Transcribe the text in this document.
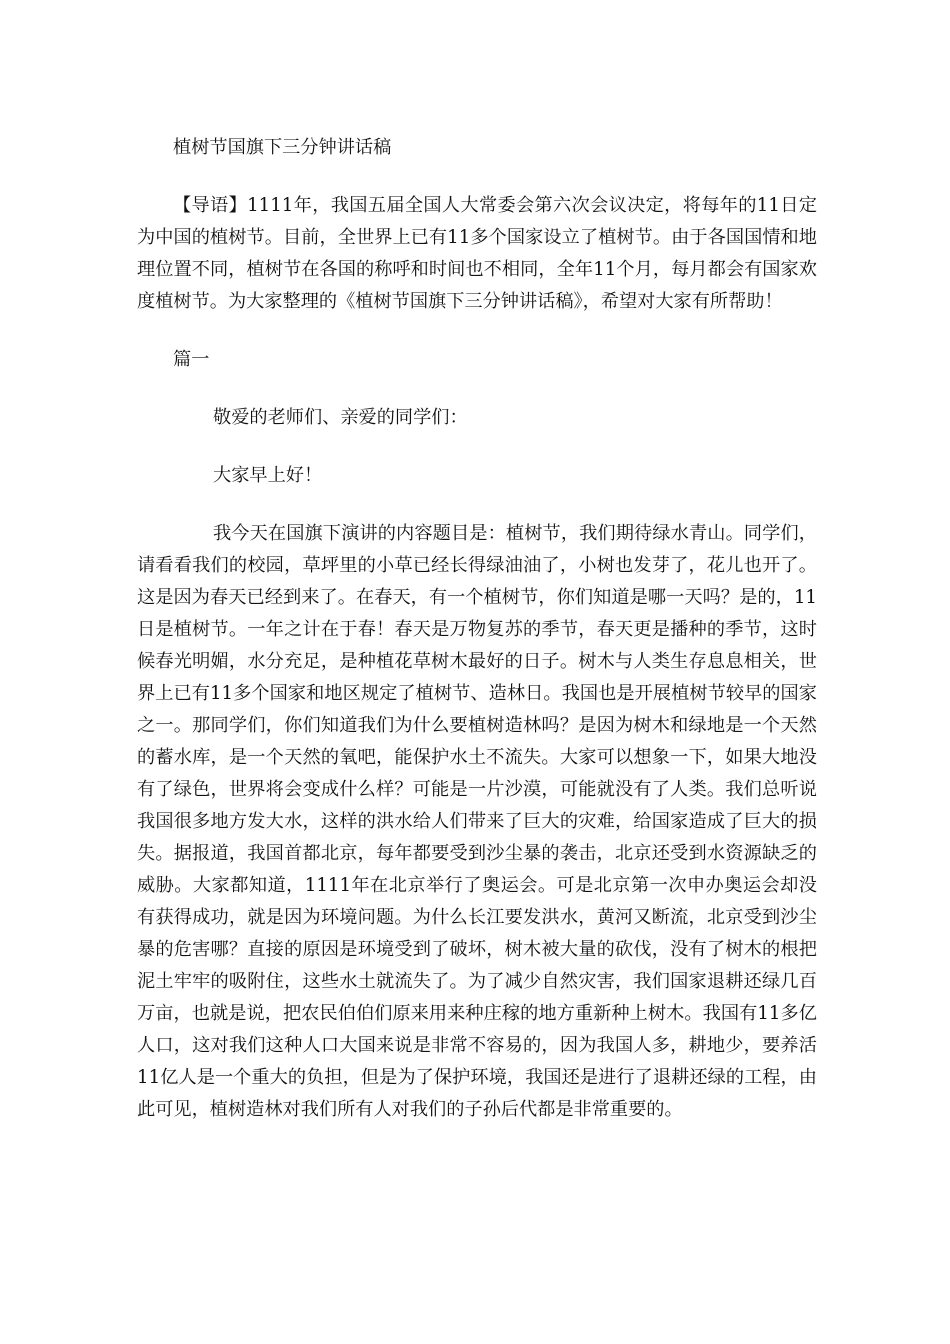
植树节国旗下三分钟讲话稿

【导语】1111年，我国五届全国人大常委会第六次会议决定，将每年的11日定为中国的植树节。目前，全世界上已有11多个国家设立了植树节。由于各国国情和地理位置不同，植树节在各国的称呼和时间也不相同，全年11个月，每月都会有国家欢度植树节。为大家整理的《植树节国旗下三分钟讲话稿》，希望对大家有所帮助！

篇一
敬爱的老师们、亲爱的同学们：
大家早上好！

我今天在国旗下演讲的内容题目是：植树节，我们期待绿水青山。同学们，请看看我们的校园，草坪里的小草已经长得绿油油了，小树也发芽了，花儿也开了。这是因为春天已经到来了。在春天，有一个植树节，你们知道是哪一天吗？是的，11日是植树节。一年之计在于春！春天是万物复苏的季节，春天更是播种的季节，这时候春光明媚，水分充足，是种植花草树木最好的日子。树木与人类生存息息相关，世界上已有11多个国家和地区规定了植树节、造林日。我国也是开展植树节较早的国家之一。那同学们，你们知道我们为什么要植树造林吗？是因为树木和绿地是一个天然的蓄水库，是一个天然的氧吧，能保护水土不流失。大家可以想象一下，如果大地没有了绿色，世界将会变成什么样？可能是一片沙漠，可能就没有了人类。我们总听说我国很多地方发大水，这样的洪水给人们带来了巨大的灾难，给国家造成了巨大的损失。据报道，我国首都北京，每年都要受到沙尘暴的袭击，北京还受到水资源缺乏的威胁。大家都知道，1111年在北京举行了奥运会。可是北京第一次申办奥运会却没有获得成功，就是因为环境问题。为什么长江要发洪水，黄河又断流，北京受到沙尘暴的危害哪？直接的原因是环境受到了破坏，树木被大量的砍伐，没有了树木的根把泥土牢牢的吸附住，这些水土就流失了。为了减少自然灾害，我们国家退耕还绿几百万亩，也就是说，把农民伯伯们原来用来种庄稼的地方重新种上树木。我国有11多亿人口，这对我们这种人口大国来说是非常不容易的，因为我国人多，耕地少，要养活11亿人是一个重大的负担，但是为了保护环境，我国还是进行了退耕还绿的工程，由此可见，植树造林对我们所有人对我们的子孙后代都是非常重要的。
